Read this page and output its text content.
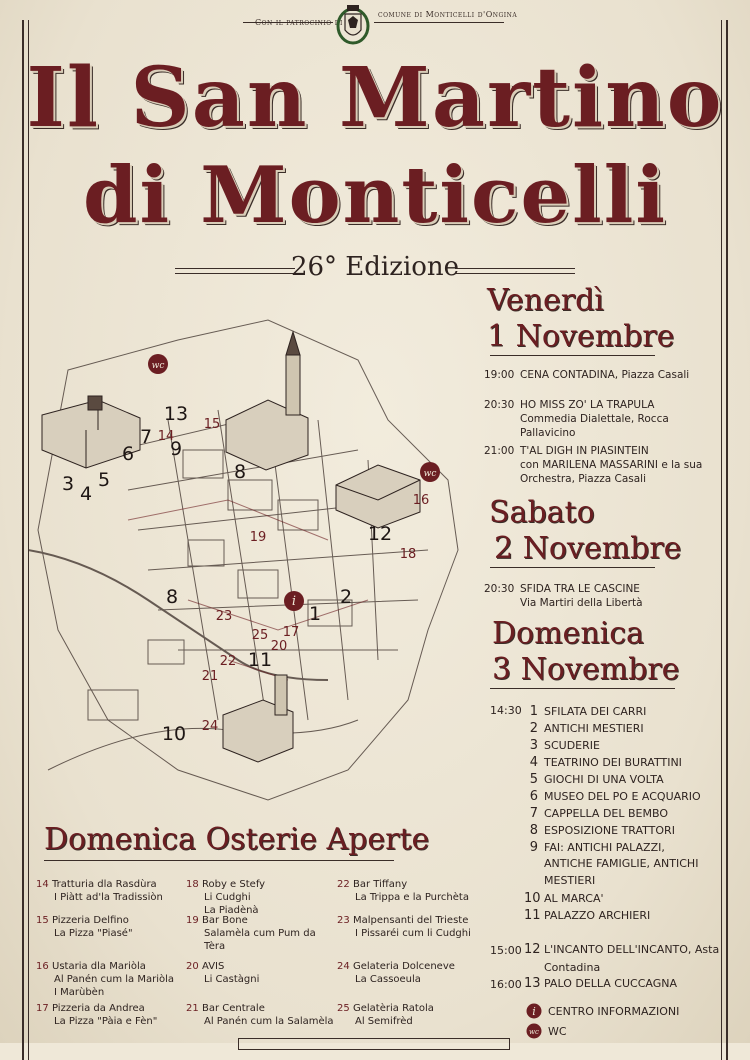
Con il patrocinio di
comune di Monticelli d'Ongina
Il San Martino
di Monticelli
26° Edizione
wc
13 15
7 14
6 9
8
3 4
5	wc
16
12
19
18
8	i 2
1
23
25 17
20
22 11
21
24
10
Venerdì
1 Novembre
19:00 CENA CONTADINA, Piazza Casali
20:30 HO MISS ZO' LA TRAPULA
Commedia Dialettale, Rocca Pallavicino
21:00 T'AL DIGH IN PIASINTEIN
con MARILENA MASSARINI e la sua
Orchestra, Piazza Casali
Sabato
2 Novembre
20:30 SFIDA TRA LE CASCINE
Via Martiri della Libertà
Domenica
3 Novembre
14:30 1 SFILATA DEI CARRI
2 ANTICHI MESTIERI
3 SCUDERIE
4 TEATRINO DEI BURATTINI
5 GIOCHI DI UNA VOLTA
6 MUSEO DEL PO E ACQUARIO
7 CAPPELLA DEL BEMBO
8 ESPOSIZIONE TRATTORI
9 FAI: ANTICHI PALAZZI,
ANTICHE FAMIGLIE, ANTICHI
MESTIERI
10 AL MARCA'
11 PALAZZO ARCHIERI
15:00 12 L'INCANTO DELL'INCANTO, Asta
Contadina
16:00 13 PALO DELLA CUCCAGNA
i CENTRO INFORMAZIONI
wc WC
Domenica Osterie Aperte
14 Tratturia dla Rasdùra
I Piàtt ad'la Tradissiòn
15 Pizzeria Delfino
La Pizza "Piasé"
16 Ustaria dla Mariòla
Al Panén cum la Mariòla
I Marùbèn
17 Pizzeria da Andrea
La Pizza "Pàia e Fèn"
18 Roby e Stefy
Li Cudghi
La Piadènà
19 Bar Bone
Salamèla cum Pum da Tèra
20 AVIS
Li Castàgni
21 Bar Centrale
Al Panén cum la Salamèla
22 Bar Tiffany
La Trippa e la Purchèta
23 Malpensanti del Trieste
I Pissaréi cum li Cudghi
24 Gelateria Dolceneve
La Cassoeula
25 Gelatèria Ratola
Al Semifrèd
